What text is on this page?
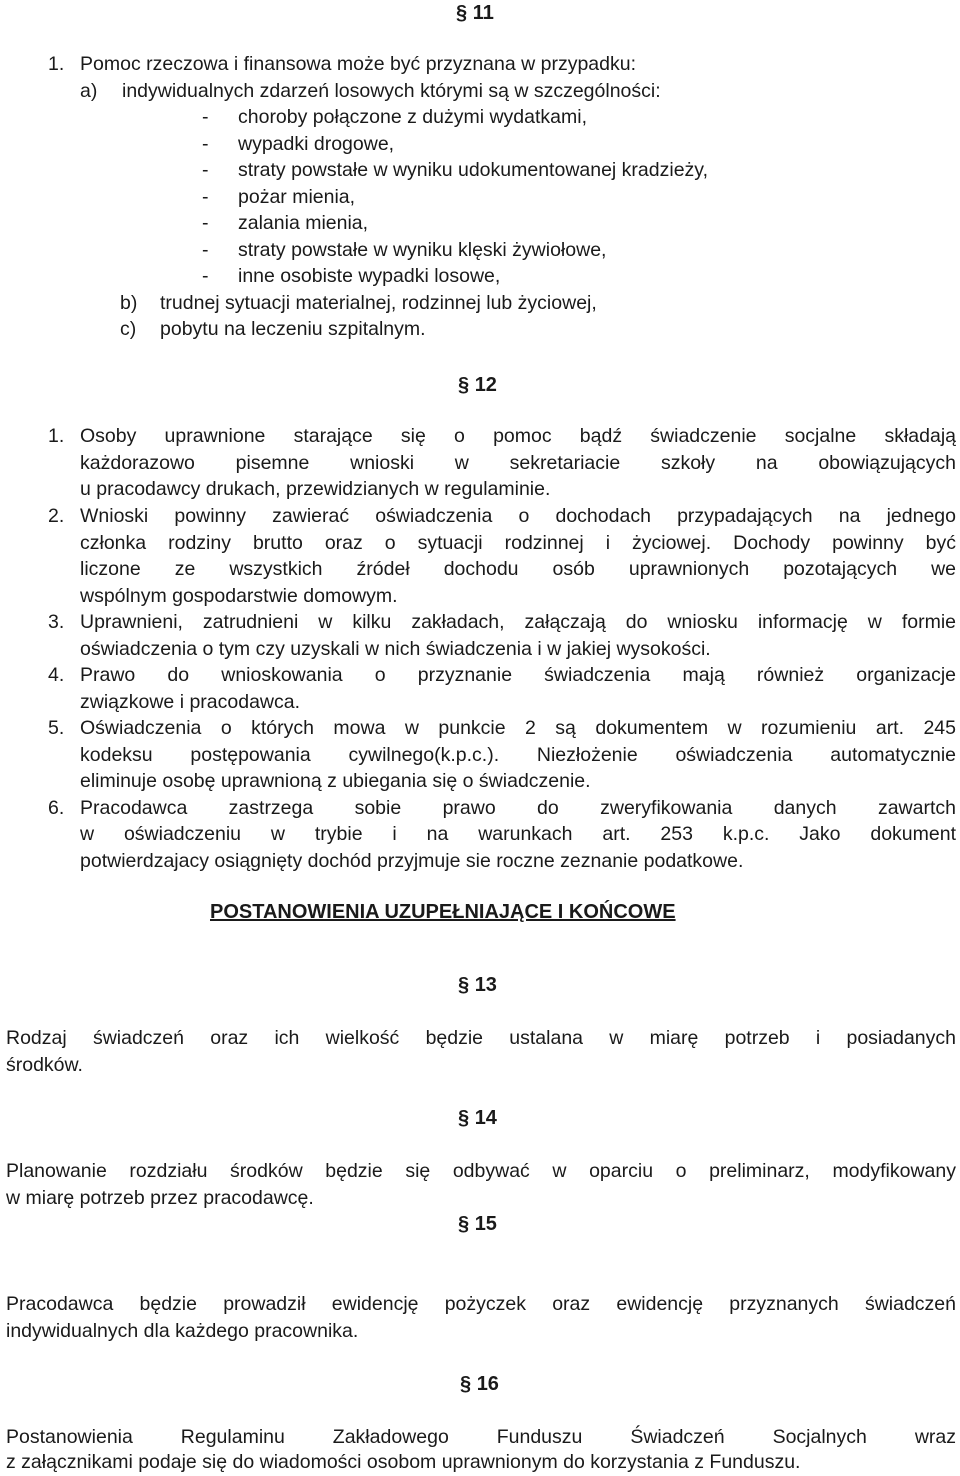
§ 11
1. Pomoc rzeczowa i finansowa może być przyznana w przypadku:
a) indywidualnych zdarzeń losowych którymi są w szczególności:
- choroby połączone z dużymi wydatkami,
- wypadki drogowe,
- straty powstałe w wyniku udokumentowanej kradzieży,
- pożar mienia,
- zalania mienia,
- straty powstałe w wyniku klęski żywiołowe,
- inne osobiste wypadki losowe,
b) trudnej sytuacji materialnej, rodzinnej lub życiowej,
c) pobytu na leczeniu szpitalnym.
§ 12
1. Osoby uprawnione starające się o pomoc bądź świadczenie socjalne składają
każdorazowo pisemne wnioski w sekretariacie szkoły na obowiązujących
u pracodawcy drukach, przewidzianych w regulaminie.
2. Wnioski powinny zawierać oświadczenia o dochodach przypadających na jednego
członka rodziny brutto oraz o sytuacji rodzinnej i życiowej. Dochody powinny być
liczone ze wszystkich źródeł dochodu osób uprawnionych pozotających we
wspólnym gospodarstwie domowym.
3. Uprawnieni, zatrudnieni w kilku zakładach, załączają do wniosku informację w formie
oświadczenia o tym czy uzyskali w nich świadczenia i w jakiej wysokości.
4. Prawo do wnioskowania o przyznanie świadczenia mają również organizacje
związkowe i pracodawca.
5. Oświadczenia o których mowa w punkcie 2 są dokumentem w rozumieniu art. 245
kodeksu postępowania cywilnego(k.p.c.). Niezłożenie oświadczenia automatycznie
eliminuje osobę uprawnioną z ubiegania się o świadczenie.
6. Pracodawca zastrzega sobie prawo do zweryfikowania danych zawartch
w oświadczeniu w trybie i na warunkach art. 253 k.p.c. Jako dokument
potwierdzajacy osiągnięty dochód przyjmuje sie roczne zeznanie podatkowe.
POSTANOWIENIA UZUPEŁNIAJĄCE I KOŃCOWE
§ 13
Rodzaj świadczeń oraz ich wielkość będzie ustalana w miarę potrzeb i posiadanych
środków.
§ 14
Planowanie rozdziału środków będzie się odbywać w oparciu o preliminarz, modyfikowany
w miarę potrzeb przez pracodawcę.
§ 15
Pracodawca będzie prowadził ewidencję pożyczek oraz ewidencję przyznanych świadczeń
indywidualnych dla każdego pracownika.
§ 16
Postanowienia Regulaminu Zakładowego Funduszu Świadczeń Socjalnych wraz
z załącznikami podaje się do wiadomości osobom uprawnionym do korzystania z Funduszu.
